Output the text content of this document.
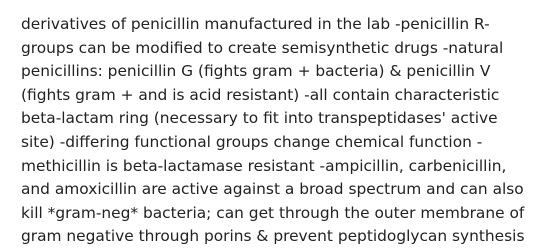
derivatives of penicillin manufactured in the lab -penicillin R-
groups can be modified to create semisynthetic drugs -natural
penicillins: penicillin G (fights gram + bacteria) & penicillin V
(fights gram + and is acid resistant) -all contain characteristic
beta-lactam ring (necessary to fit into transpeptidases' active
site) -differing functional groups change chemical function -
methicillin is beta-lactamase resistant -ampicillin, carbenicillin,
and amoxicillin are active against a broad spectrum and can also
kill *gram-neg* bacteria; can get through the outer membrane of
gram negative through porins & prevent peptidoglycan synthesis
